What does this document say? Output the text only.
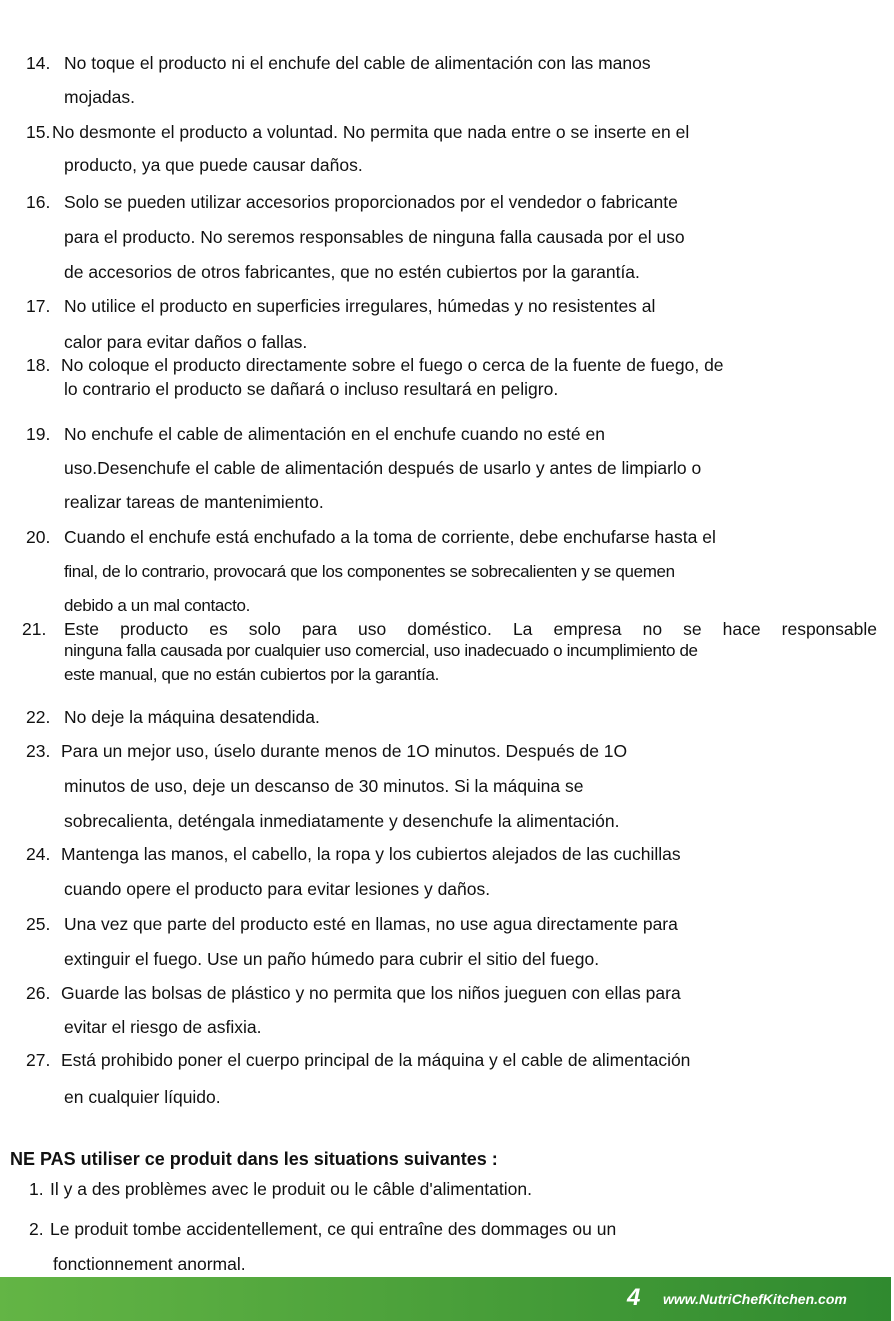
14. No toque el producto ni el enchufe del cable de alimentación con las manos
mojadas.
15. No desmonte el producto a voluntad. No permita que nada entre o se inserte en el
producto, ya que puede causar daños.
16. Solo se pueden utilizar accesorios proporcionados por el vendedor o fabricante
para el producto. No seremos responsables de ninguna falla causada por el uso
de accesorios de otros fabricantes, que no estén cubiertos por la garantía.
17. No utilice el producto en superficies irregulares, húmedas y no resistentes al
calor para evitar daños o fallas.
18. No coloque el producto directamente sobre el fuego o cerca de la fuente de fuego, de
lo contrario el producto se dañará o incluso resultará en peligro.
19. No enchufe el cable de alimentación en el enchufe cuando no esté en
uso.Desenchufe el cable de alimentación después de usarlo y antes de limpiarlo o
realizar tareas de mantenimiento.
20. Cuando el enchufe está enchufado a la toma de corriente, debe enchufarse hasta el
final, de lo contrario, provocará que los componentes se sobrecalienten y se quemen
debido a un mal contacto.
21. Este producto es solo para uso doméstico. La empresa no se hace responsable
ninguna falla causada por cualquier uso comercial, uso inadecuado o incumplimiento de
este manual, que no están cubiertos por la garantía.
22. No deje la máquina desatendida.
23. Para un mejor uso, úselo durante menos de 1O minutos. Después de 1O
minutos de uso, deje un descanso de 30 minutos. Si la máquina se
sobrecalienta, deténgala inmediatamente y desenchufe la alimentación.
24. Mantenga las manos, el cabello, la ropa y los cubiertos alejados de las cuchillas
cuando opere el producto para evitar lesiones y daños.
25. Una vez que parte del producto esté en llamas, no use agua directamente para
extinguir el fuego. Use un paño húmedo para cubrir el sitio del fuego.
26. Guarde las bolsas de plástico y no permita que los niños jueguen con ellas para
evitar el riesgo de asfixia.
27. Está prohibido poner el cuerpo principal de la máquina y el cable de alimentación
en cualquier líquido.
NE PAS utiliser ce produit dans les situations suivantes :
1. Il y a des problèmes avec le produit ou le câble d'alimentation.
2. Le produit tombe accidentellement, ce qui entraîne des dommages ou un
fonctionnement anormal.
4 www.NutriChefKitchen.com
